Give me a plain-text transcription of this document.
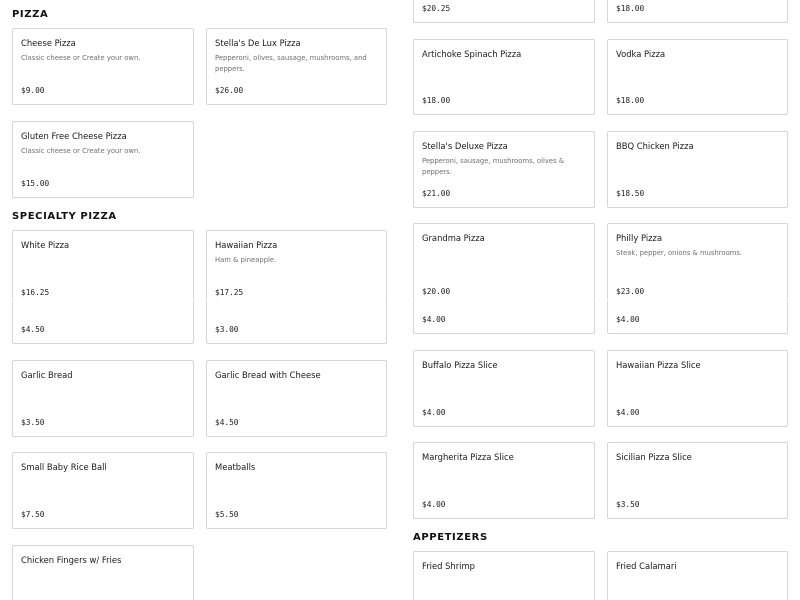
PIZZA
Cheese Pizza
Classic cheese or Create your own.
$9.00
Stella's De Lux Pizza
Pepperoni, olives, sausage, mushrooms, and peppers.
$26.00
Gluten Free Cheese Pizza
Classic cheese or Create your own.
$15.00
SPECIALTY PIZZA
White Pizza
$16.25
Hawaiian Pizza
Ham & pineapple.
$17.25
$4.50	$3.00
Garlic Bread
$3.50
Garlic Bread with Cheese
$4.50
Small Baby Rice Ball
$7.50
Meatballs
$5.50
Chicken Fingers w/ Fries
$20.25	$18.00
Artichoke Spinach Pizza
$18.00
Vodka Pizza
$18.00
Stella's Deluxe Pizza
Pepperoni, sausage, mushrooms, olives & peppers.
$21.00
BBQ Chicken Pizza
$18.50
Grandma Pizza
$20.00
Philly Pizza
Steak, pepper, onions & mushrooms.
$23.00
$4.00	$4.00
Buffalo Pizza Slice
$4.00
Hawaiian Pizza Slice
$4.00
Margherita Pizza Slice
$4.00
Sicilian Pizza Slice
$3.50
APPETIZERS
Fried Shrimp	Fried Calamari
